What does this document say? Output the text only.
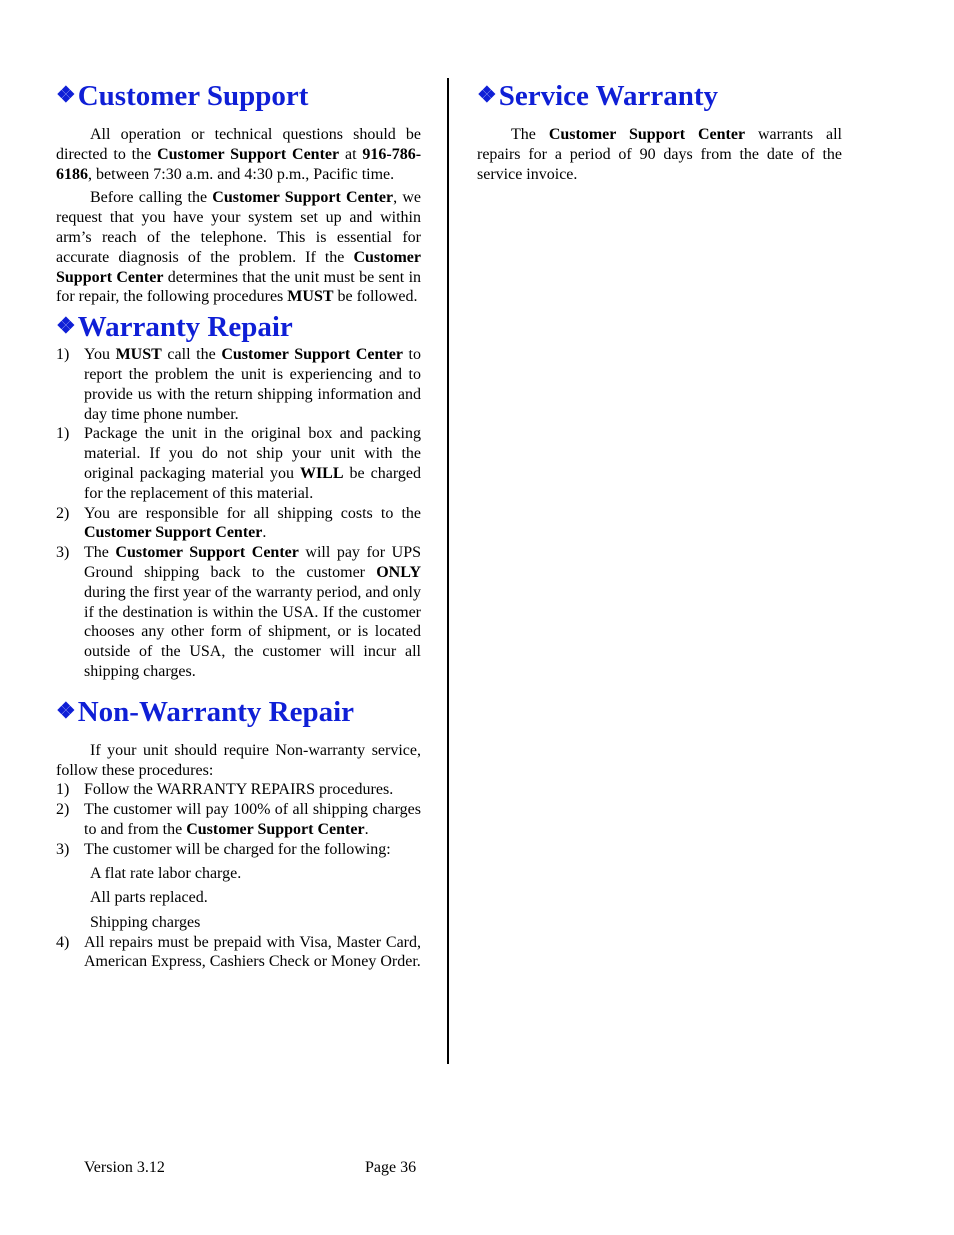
❖ Customer Support

All operation or technical questions should be directed to the Customer Support Center at 916-786-6186, between 7:30 a.m. and 4:30 p.m., Pacific time.

Before calling the Customer Support Center, we request that you have your system set up and within arm’s reach of the telephone. This is essential for accurate diagnosis of the problem. If the Customer Support Center determines that the unit must be sent in for repair, the following procedures MUST be followed.

❖ Warranty Repair
1) You MUST call the Customer Support Center to report the problem the unit is experiencing and to provide us with the return shipping information and day time phone number.
1) Package the unit in the original box and packing material. If you do not ship your unit with the original packaging material you WILL be charged for the replacement of this material.
2) You are responsible for all shipping costs to the Customer Support Center.
3) The Customer Support Center will pay for UPS Ground shipping back to the customer ONLY during the first year of the warranty period, and only if the destination is within the USA. If the customer chooses any other form of shipment, or is located outside of the USA, the customer will incur all shipping charges.
❖ Non-Warranty Repair

If your unit should require Non-warranty service, follow these procedures:

1) Follow the WARRANTY REPAIRS procedures.
2) The customer will pay 100% of all shipping charges to and from the Customer Support Center.
3) The customer will be charged for the following:
A flat rate labor charge.
All parts replaced.
Shipping charges
4) All repairs must be prepaid with Visa, Master Card, American Express, Cashiers Check or Money Order.
❖ Service Warranty

The Customer Support Center warrants all repairs for a period of 90 days from the date of the service invoice.

Version 3.12	Page 36
